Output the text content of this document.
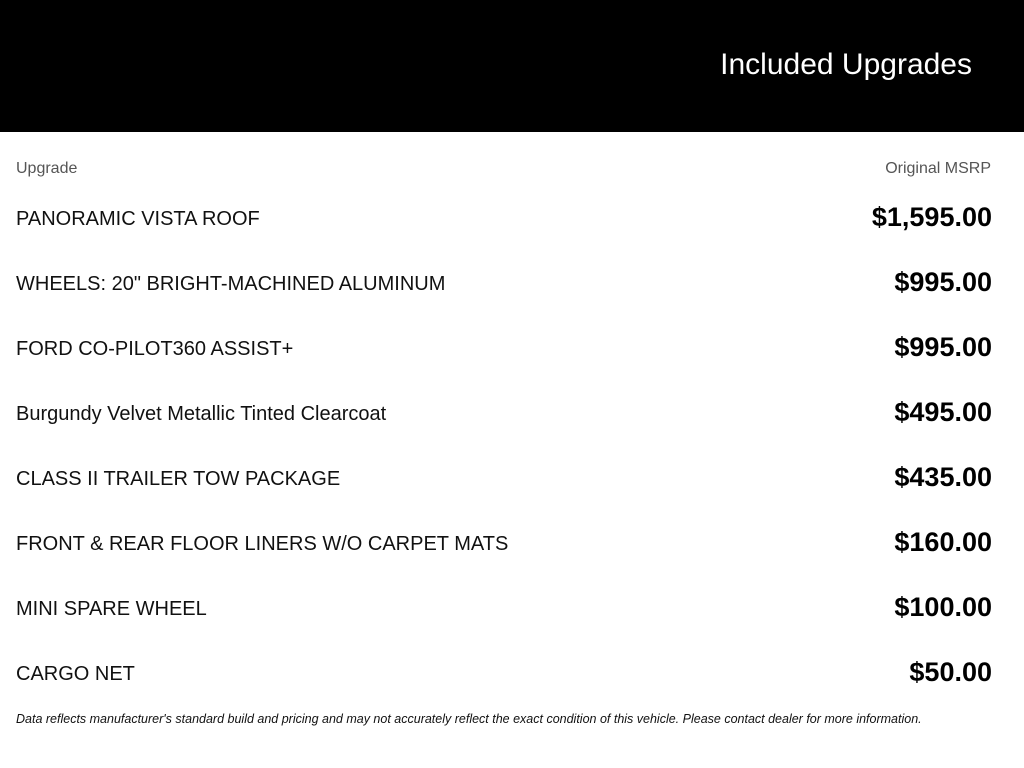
Included Upgrades
Upgrade	Original MSRP
PANORAMIC VISTA ROOF	$1,595.00
WHEELS: 20" BRIGHT-MACHINED ALUMINUM	$995.00
FORD CO-PILOT360 ASSIST+	$995.00
Burgundy Velvet Metallic Tinted Clearcoat	$495.00
CLASS II TRAILER TOW PACKAGE	$435.00
FRONT & REAR FLOOR LINERS W/O CARPET MATS	$160.00
MINI SPARE WHEEL	$100.00
CARGO NET	$50.00
Data reflects manufacturer's standard build and pricing and may not accurately reflect the exact condition of this vehicle. Please contact dealer for more information.
